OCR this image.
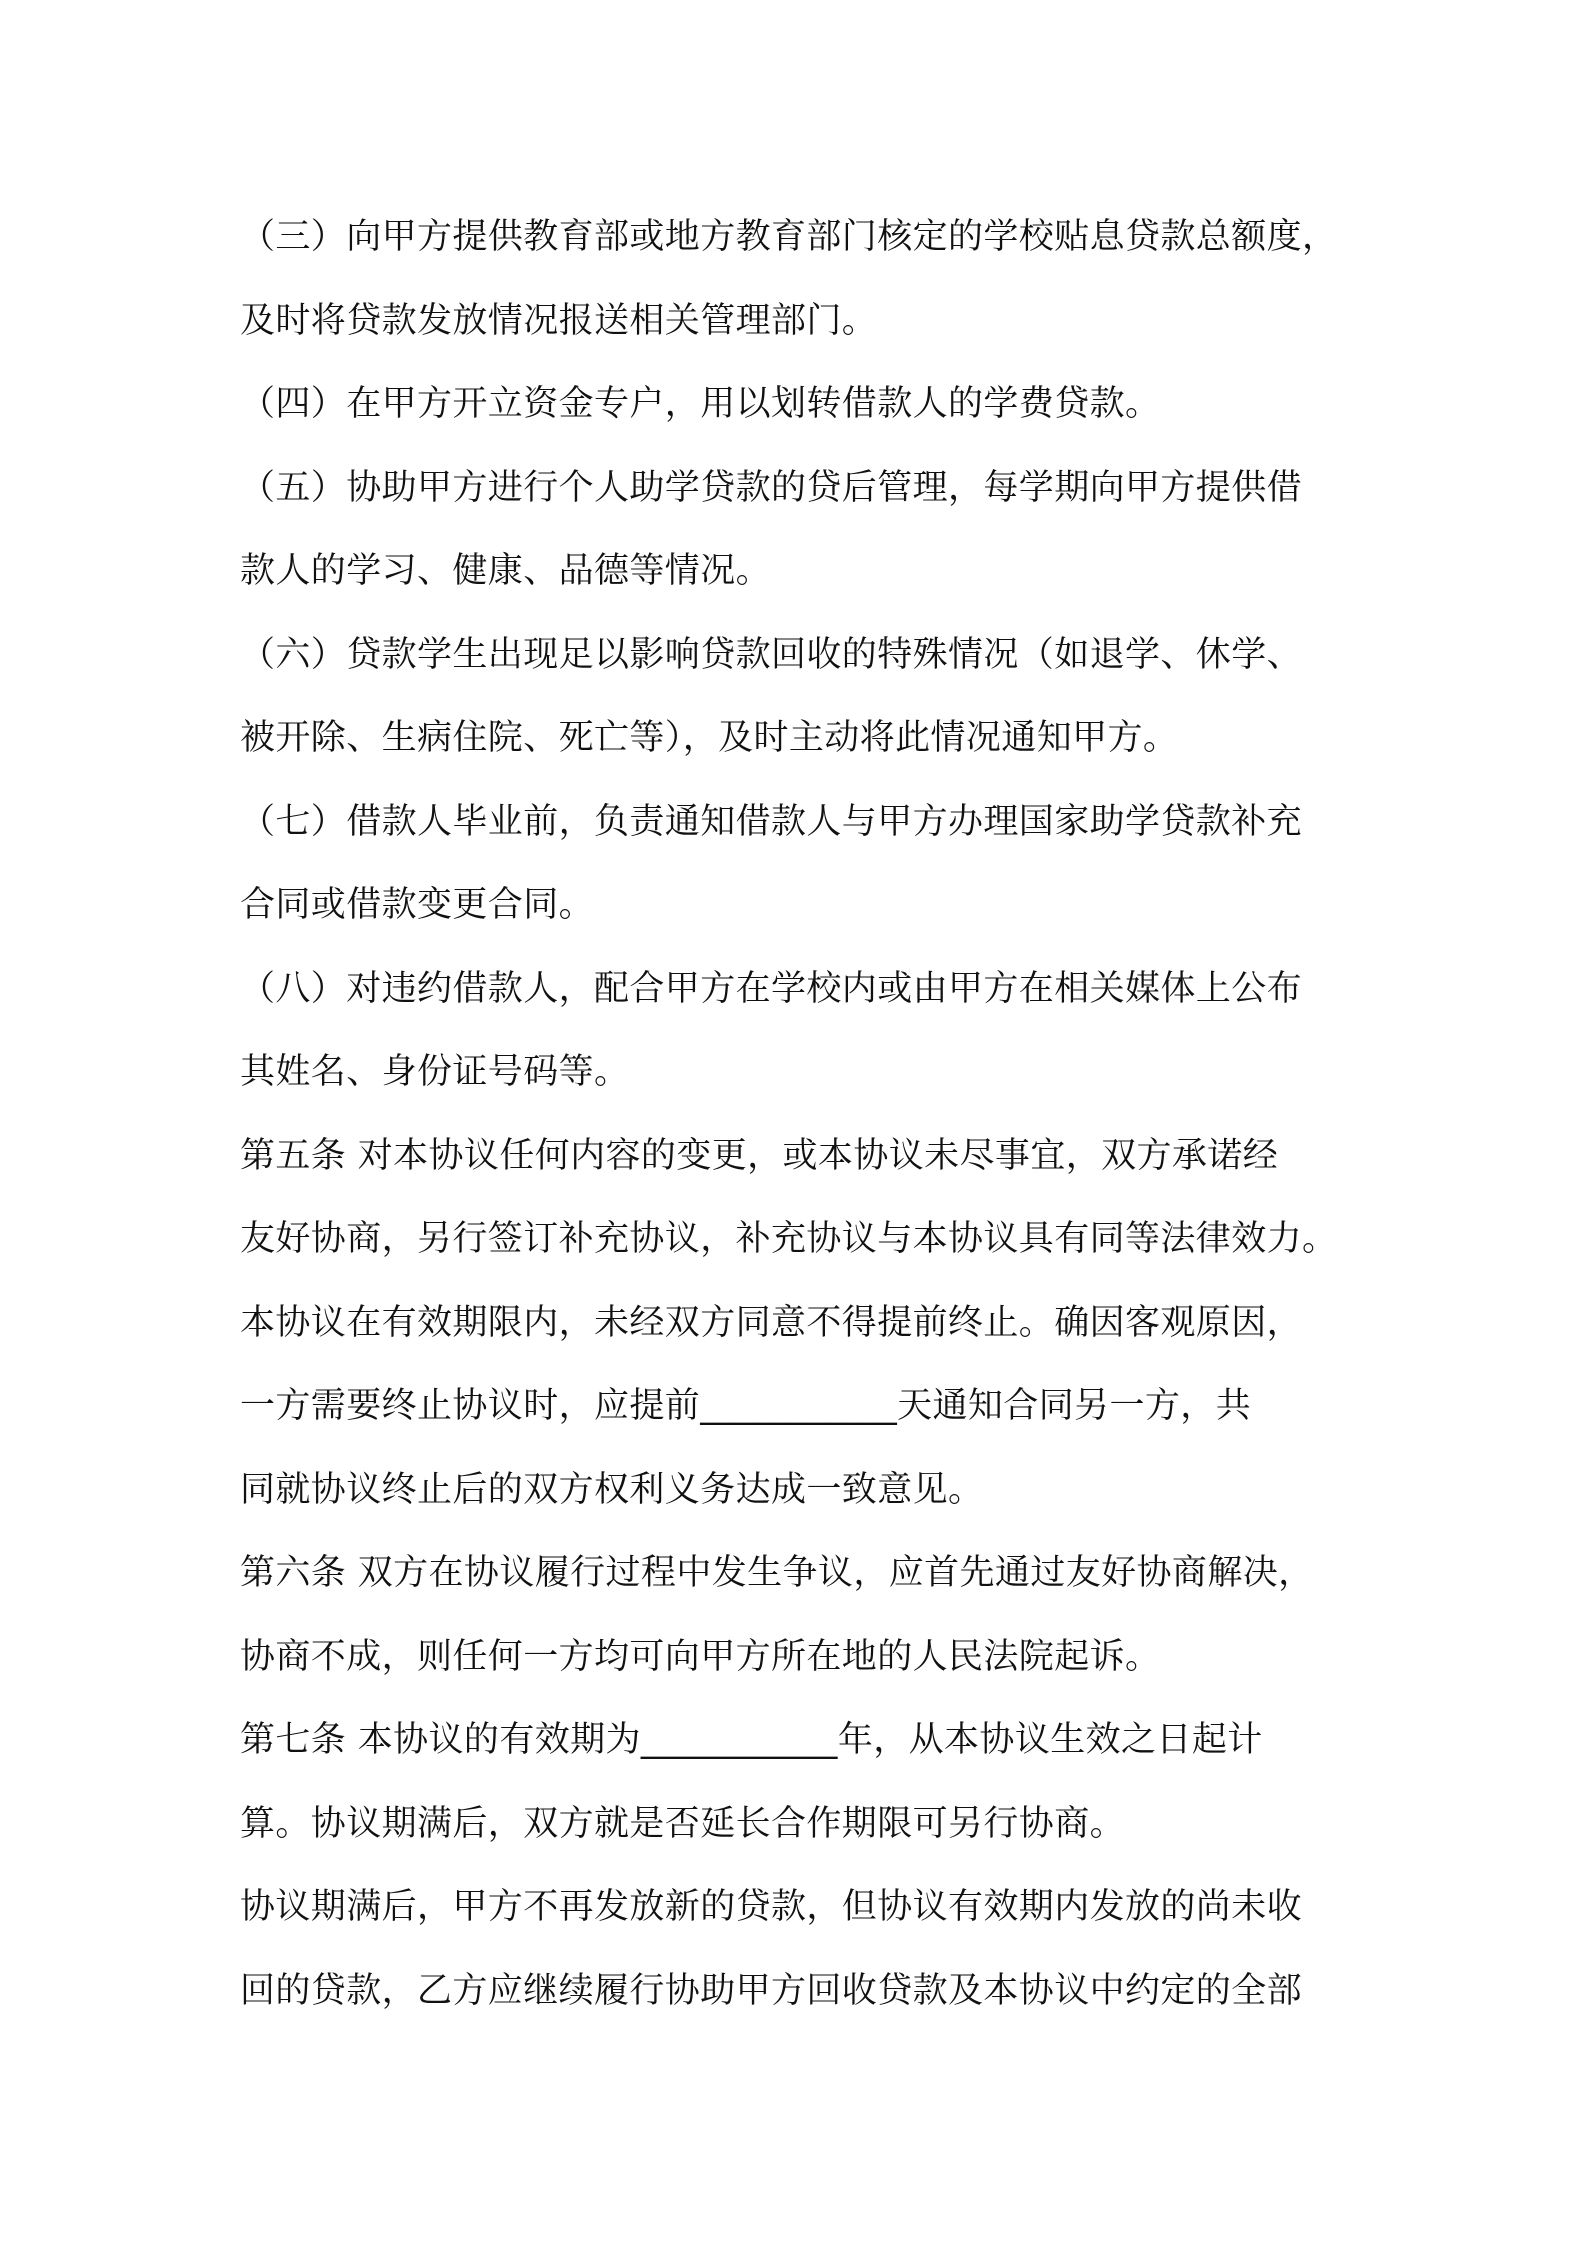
（三）向甲方提供教育部或地方教育部门核定的学校贴息贷款总额度，
及时将贷款发放情况报送相关管理部门。
（四）在甲方开立资金专户，用以划转借款人的学费贷款。
（五）协助甲方进行个人助学贷款的贷后管理，每学期向甲方提供借
款人的学习、健康、品德等情况。
（六）贷款学生出现足以影响贷款回收的特殊情况（如退学、休学、
被开除、生病住院、死亡等），及时主动将此情况通知甲方。
（七）借款人毕业前，负责通知借款人与甲方办理国家助学贷款补充
合同或借款变更合同。
（八）对违约借款人，配合甲方在学校内或由甲方在相关媒体上公布
其姓名、身份证号码等。
第五条 对本协议任何内容的变更，或本协议未尽事宜，双方承诺经
友好协商，另行签订补充协议，补充协议与本协议具有同等法律效力。
本协议在有效期限内，未经双方同意不得提前终止。确因客观原因，
一方需要终止协议时，应提前___________天通知合同另一方，共
同就协议终止后的双方权利义务达成一致意见。
第六条 双方在协议履行过程中发生争议，应首先通过友好协商解决，
协商不成，则任何一方均可向甲方所在地的人民法院起诉。
第七条 本协议的有效期为___________年，从本协议生效之日起计
算。协议期满后，双方就是否延长合作期限可另行协商。
协议期满后，甲方不再发放新的贷款，但协议有效期内发放的尚未收
回的贷款，乙方应继续履行协助甲方回收贷款及本协议中约定的全部
